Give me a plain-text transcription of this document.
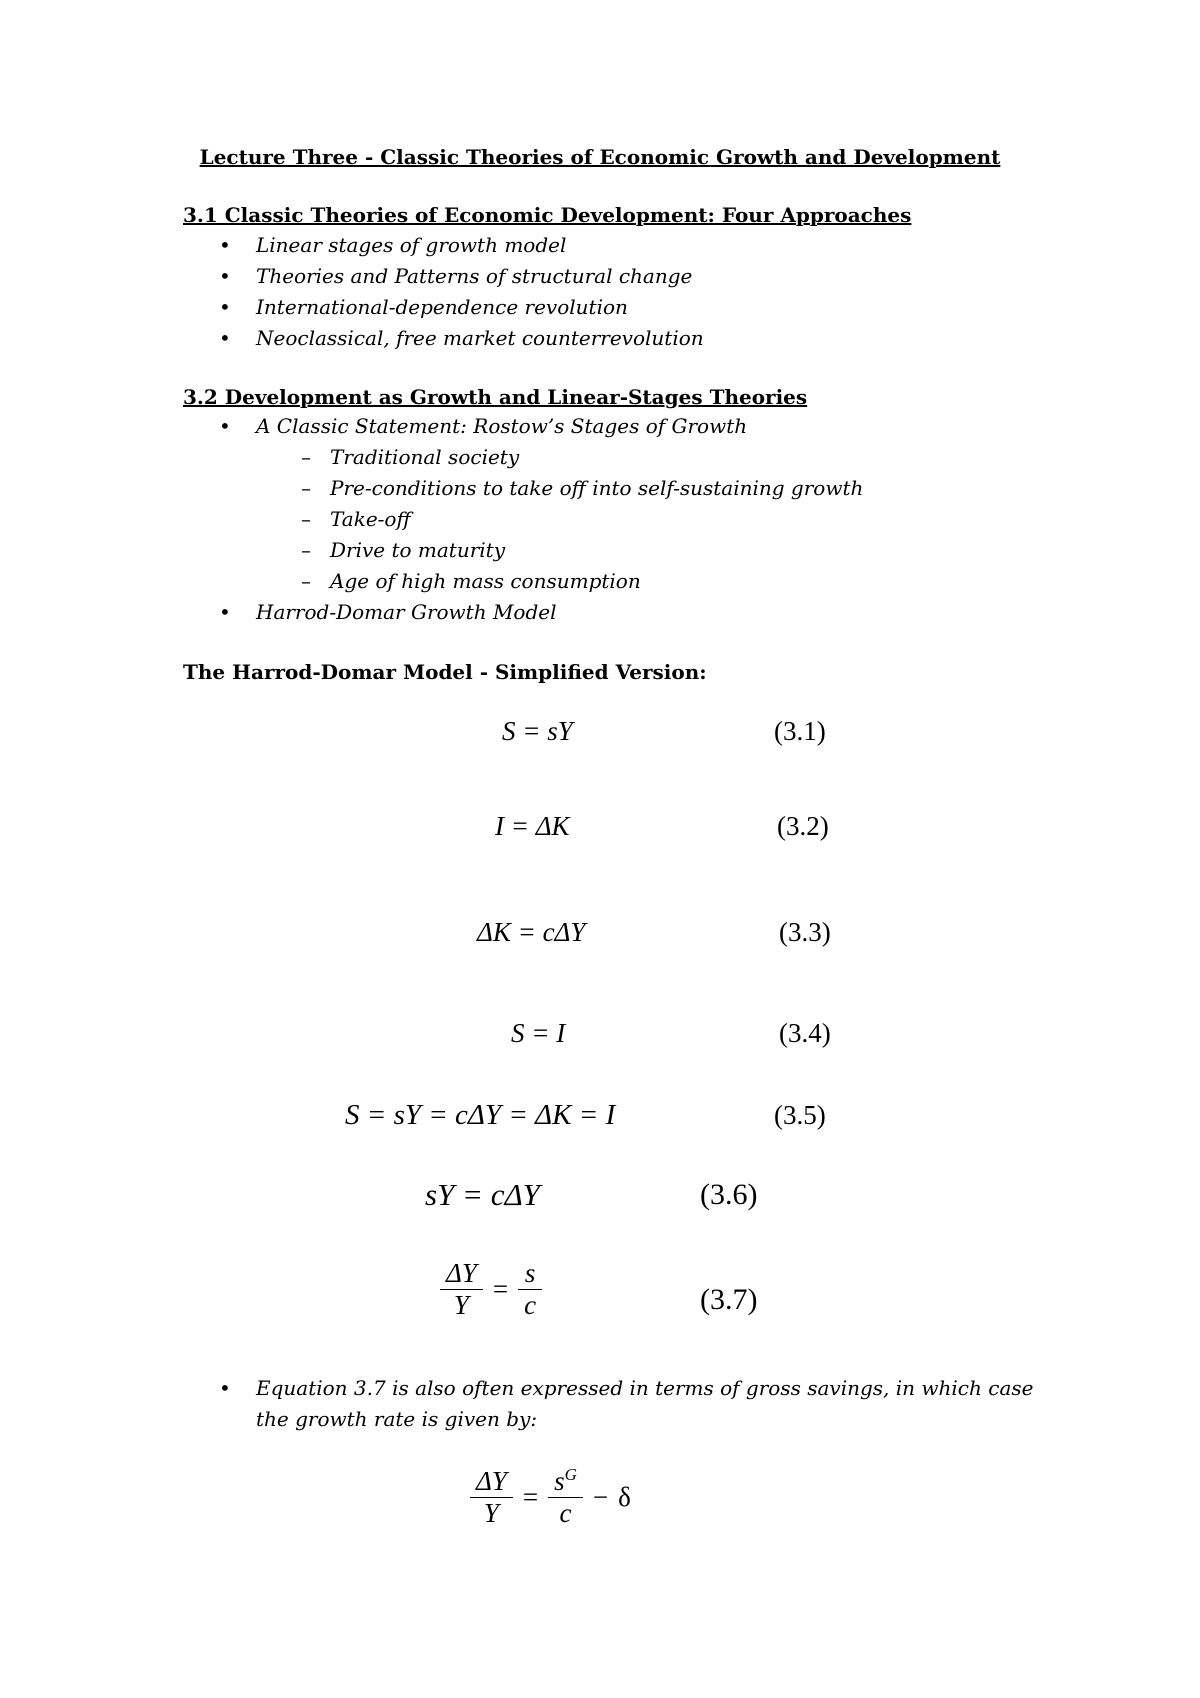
Lecture Three - Classic Theories of Economic Growth and Development
3.1 Classic Theories of Economic Development: Four Approaches
• Linear stages of growth model
• Theories and Patterns of structural change
• International-dependence revolution
• Neoclassical, free market counterrevolution
3.2 Development as Growth and Linear-Stages Theories
• A Classic Statement: Rostow’s Stages of Growth
– Traditional society
– Pre-conditions to take off into self-sustaining growth
– Take-off
– Drive to maturity
– Age of high mass consumption
• Harrod-Domar Growth Model
The Harrod-Domar Model - Simplified Version:
S = sY	(3.1)
I = ΔK	(3.2)
ΔK = cΔY	(3.3)
S = I	(3.4)
S = sY = cΔY = ΔK = I	(3.5)
sY = cΔY	(3.6)
$\frac{\Delta Y}{Y} = \frac{s}{c}$	(3.7)
• Equation 3.7 is also often expressed in terms of gross savings, in which case
the growth rate is given by:
$\frac{\Delta Y}{Y} = \frac{s^G}{c} - \delta$
